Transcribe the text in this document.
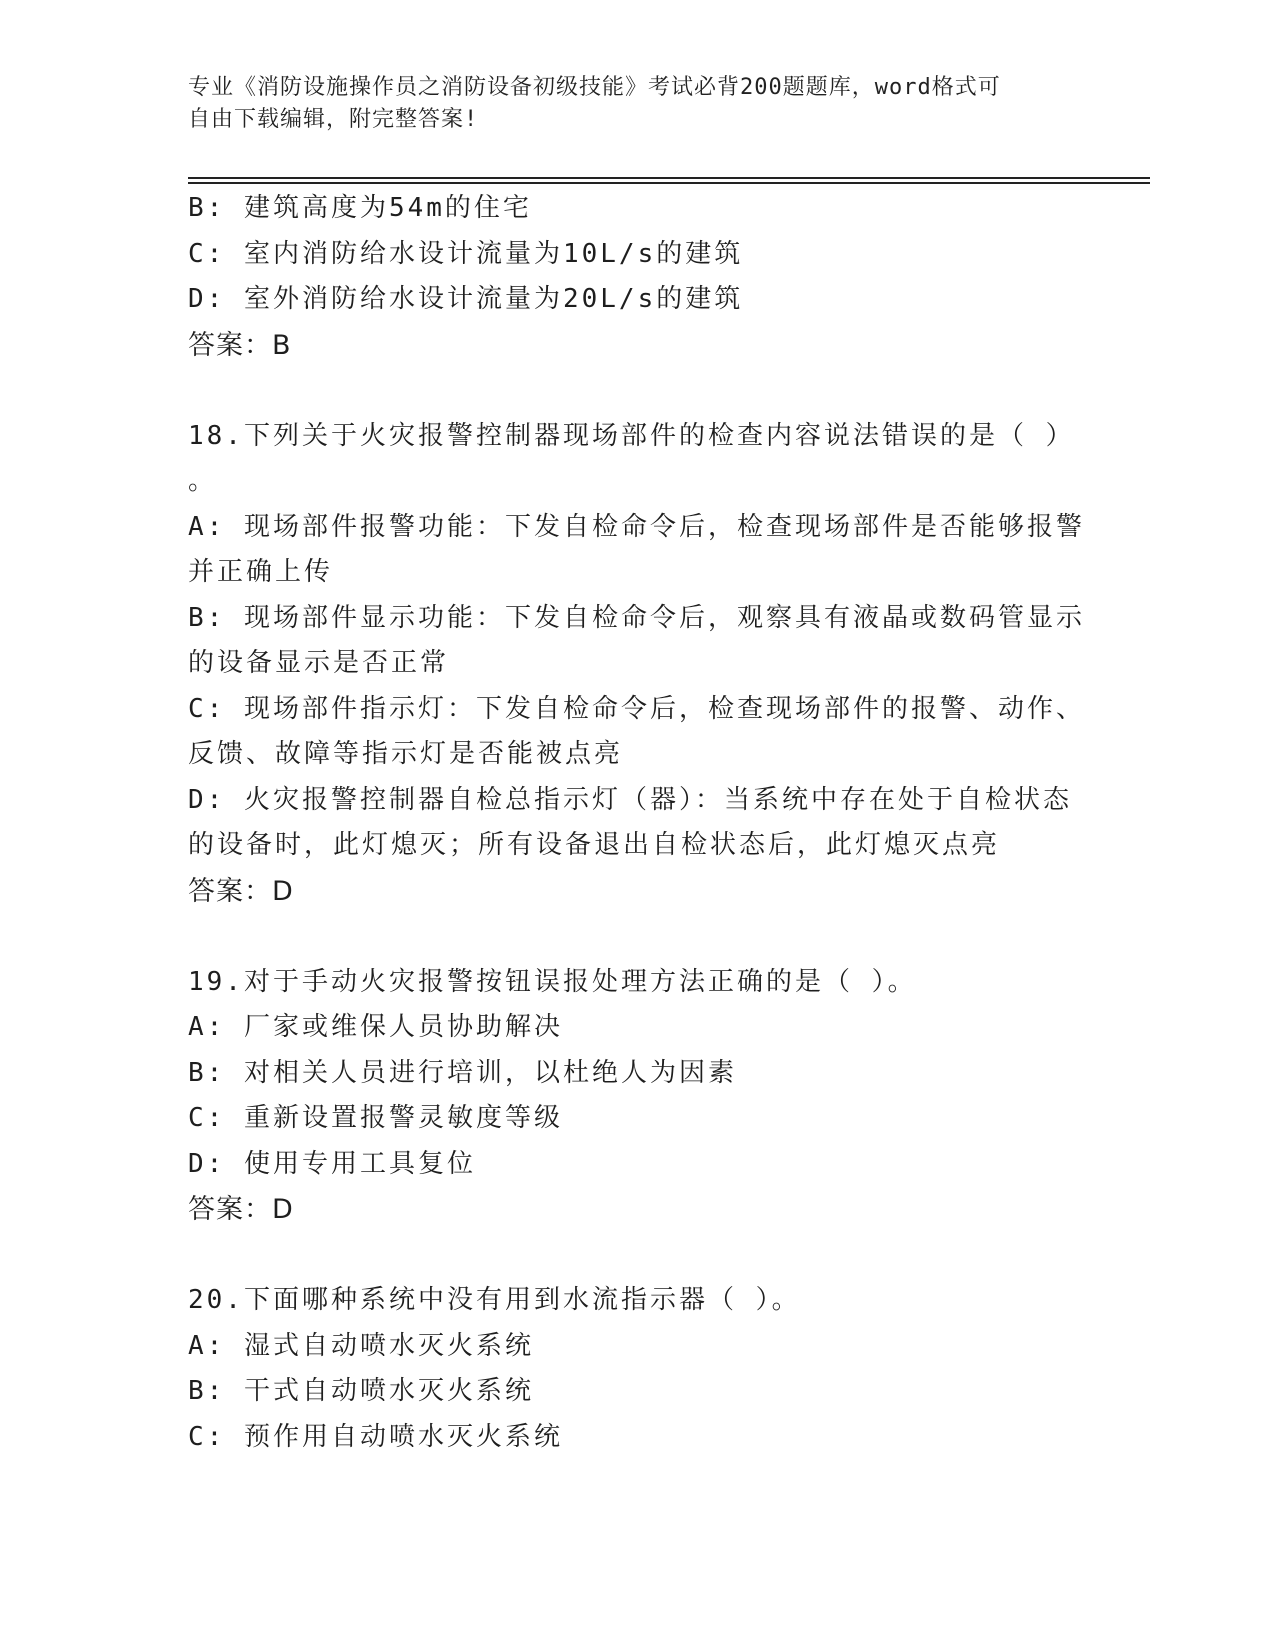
专业《消防设施操作员之消防设备初级技能》考试必背200题题库，word格式可
自由下载编辑，附完整答案!
B: 建筑高度为54m的住宅
C: 室内消防给水设计流量为10L/s的建筑
D: 室外消防给水设计流量为20L/s的建筑
答案：B
18.下列关于火灾报警控制器现场部件的检查内容说法错误的是（ ）
。
A: 现场部件报警功能：下发自检命令后，检查现场部件是否能够报警
并正确上传
B: 现场部件显示功能：下发自检命令后，观察具有液晶或数码管显示
的设备显示是否正常
C: 现场部件指示灯：下发自检命令后，检查现场部件的报警、动作、
反馈、故障等指示灯是否能被点亮
D: 火灾报警控制器自检总指示灯（器）：当系统中存在处于自检状态
的设备时，此灯熄灭；所有设备退出自检状态后，此灯熄灭点亮
答案：D
19.对于手动火灾报警按钮误报处理方法正确的是（ ）。
A: 厂家或维保人员协助解决
B: 对相关人员进行培训，以杜绝人为因素
C: 重新设置报警灵敏度等级
D: 使用专用工具复位
答案：D
20.下面哪种系统中没有用到水流指示器（ ）。
A: 湿式自动喷水灭火系统
B: 干式自动喷水灭火系统
C: 预作用自动喷水灭火系统
